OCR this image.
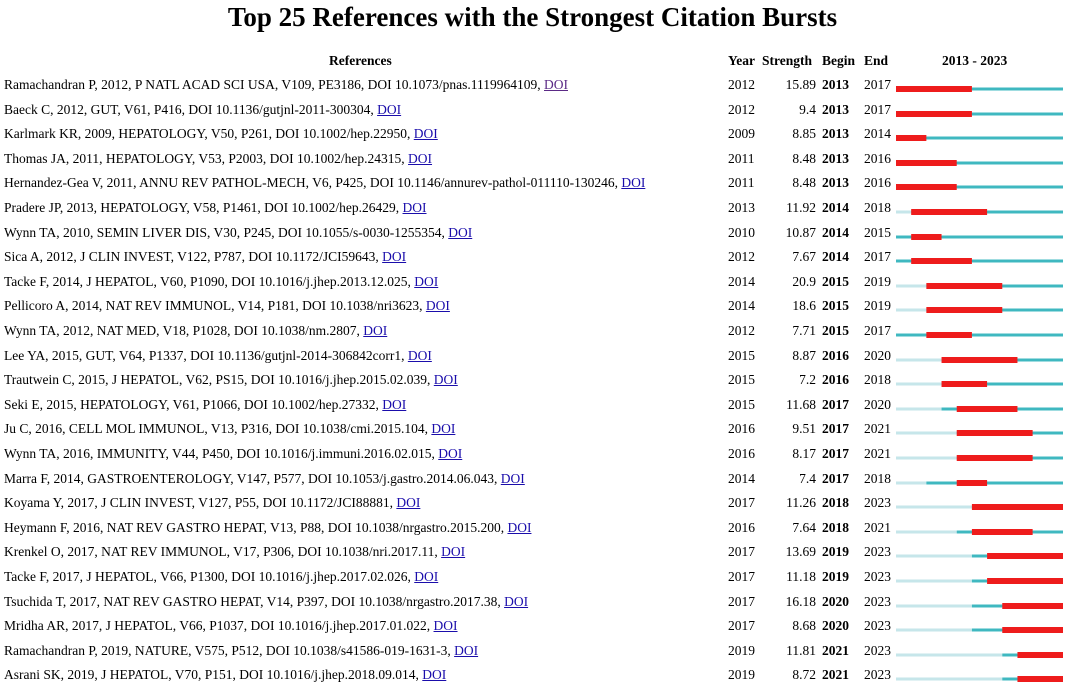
Top 25 References with the Strongest Citation Bursts
References	Year Strength Begin End	2013 - 2023
Ramachandran P, 2012, P NATL ACAD SCI USA, V109, PE3186, DOI 10.1073/pnas.1119964109, DOI	2012	15.89 2013 2017
Baeck C, 2012, GUT, V61, P416, DOI 10.1136/gutjnl-2011-300304, DOI	2012	9.4 2013 2017
Karlmark KR, 2009, HEPATOLOGY, V50, P261, DOI 10.1002/hep.22950, DOI	2009	8.85 2013 2014
Thomas JA, 2011, HEPATOLOGY, V53, P2003, DOI 10.1002/hep.24315, DOI	2011	8.48 2013 2016
Hernandez-Gea V, 2011, ANNU REV PATHOL-MECH, V6, P425, DOI 10.1146/annurev-pathol-011110-130246, DOI	2011	8.48 2013 2016
Pradere JP, 2013, HEPATOLOGY, V58, P1461, DOI 10.1002/hep.26429, DOI	2013	11.92 2014 2018
Wynn TA, 2010, SEMIN LIVER DIS, V30, P245, DOI 10.1055/s-0030-1255354, DOI	2010	10.87 2014 2015
Sica A, 2012, J CLIN INVEST, V122, P787, DOI 10.1172/JCI59643, DOI	2012	7.67 2014 2017
Tacke F, 2014, J HEPATOL, V60, P1090, DOI 10.1016/j.jhep.2013.12.025, DOI	2014	20.9 2015 2019
Pellicoro A, 2014, NAT REV IMMUNOL, V14, P181, DOI 10.1038/nri3623, DOI	2014	18.6 2015 2019
Wynn TA, 2012, NAT MED, V18, P1028, DOI 10.1038/nm.2807, DOI	2012	7.71 2015 2017
Lee YA, 2015, GUT, V64, P1337, DOI 10.1136/gutjnl-2014-306842corr1, DOI	2015	8.87 2016 2020
Trautwein C, 2015, J HEPATOL, V62, PS15, DOI 10.1016/j.jhep.2015.02.039, DOI	2015	7.2 2016 2018
Seki E, 2015, HEPATOLOGY, V61, P1066, DOI 10.1002/hep.27332, DOI	2015	11.68 2017 2020
Ju C, 2016, CELL MOL IMMUNOL, V13, P316, DOI 10.1038/cmi.2015.104, DOI	2016	9.51 2017 2021
Wynn TA, 2016, IMMUNITY, V44, P450, DOI 10.1016/j.immuni.2016.02.015, DOI	2016	8.17 2017 2021
Marra F, 2014, GASTROENTEROLOGY, V147, P577, DOI 10.1053/j.gastro.2014.06.043, DOI	2014	7.4 2017 2018
Koyama Y, 2017, J CLIN INVEST, V127, P55, DOI 10.1172/JCI88881, DOI	2017	11.26 2018 2023
Heymann F, 2016, NAT REV GASTRO HEPAT, V13, P88, DOI 10.1038/nrgastro.2015.200, DOI	2016	7.64 2018 2021
Krenkel O, 2017, NAT REV IMMUNOL, V17, P306, DOI 10.1038/nri.2017.11, DOI	2017	13.69 2019 2023
Tacke F, 2017, J HEPATOL, V66, P1300, DOI 10.1016/j.jhep.2017.02.026, DOI	2017	11.18 2019 2023
Tsuchida T, 2017, NAT REV GASTRO HEPAT, V14, P397, DOI 10.1038/nrgastro.2017.38, DOI	2017	16.18 2020 2023
Mridha AR, 2017, J HEPATOL, V66, P1037, DOI 10.1016/j.jhep.2017.01.022, DOI	2017	8.68 2020 2023
Ramachandran P, 2019, NATURE, V575, P512, DOI 10.1038/s41586-019-1631-3, DOI	2019	11.81 2021 2023
Asrani SK, 2019, J HEPATOL, V70, P151, DOI 10.1016/j.jhep.2018.09.014, DOI	2019	8.72 2021 2023
